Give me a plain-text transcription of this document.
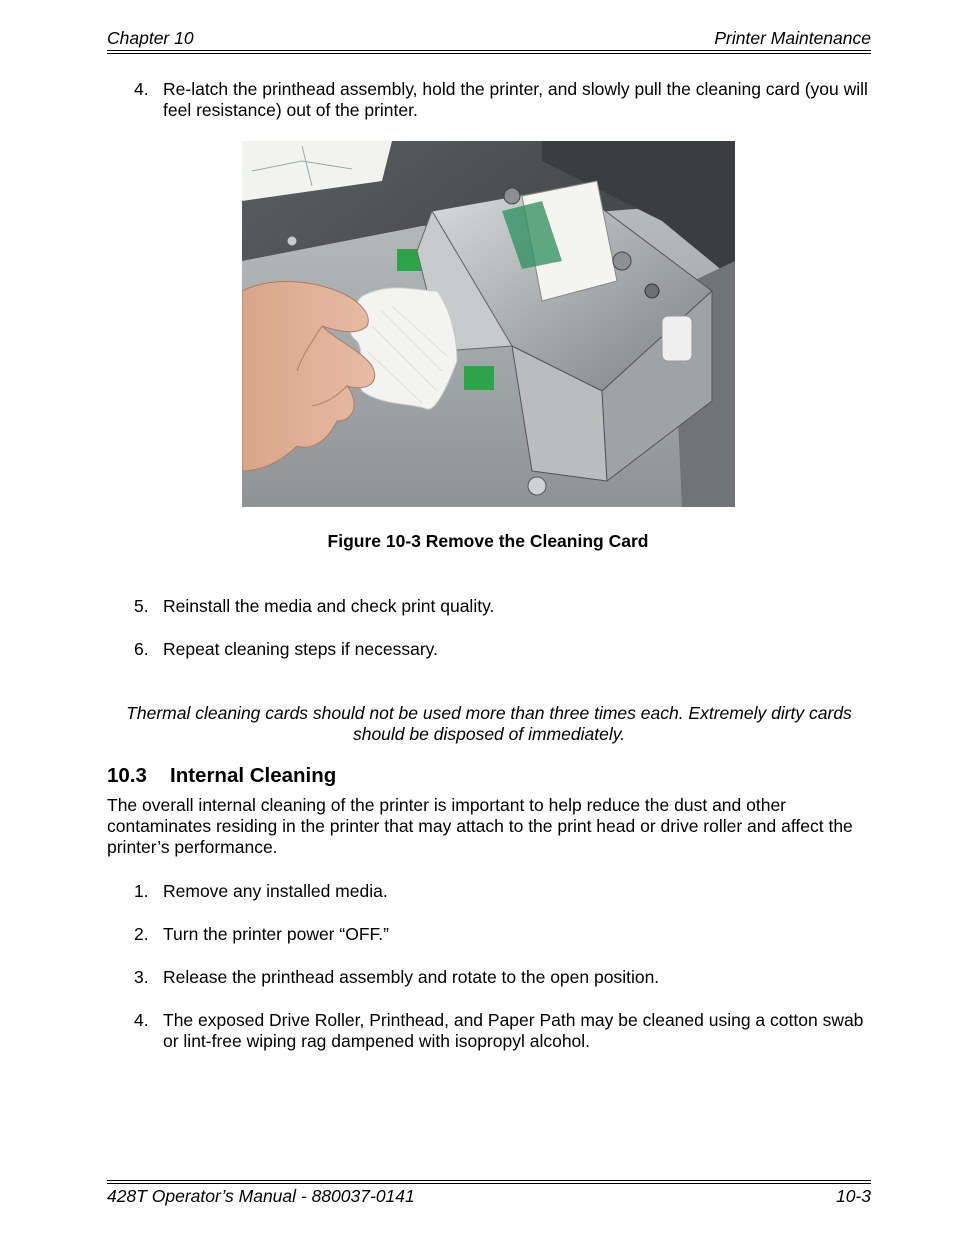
Chapter 10	Printer Maintenance
4. Re-latch the printhead assembly, hold the printer, and slowly pull the cleaning card (you will feel resistance) out of the printer.
Figure 10-3 Remove the Cleaning Card
5. Reinstall the media and check print quality.
6. Repeat cleaning steps if necessary.
Thermal cleaning cards should not be used more than three times each. Extremely dirty cards should be disposed of immediately.
10.3 Internal Cleaning
The overall internal cleaning of the printer is important to help reduce the dust and other contaminates residing in the printer that may attach to the print head or drive roller and affect the printer’s performance.
1. Remove any installed media.
2. Turn the printer power “OFF.”
3. Release the printhead assembly and rotate to the open position.
4. The exposed Drive Roller, Printhead, and Paper Path may be cleaned using a cotton swab or lint-free wiping rag dampened with isopropyl alcohol.
428T Operator’s Manual - 880037-0141	10-3
